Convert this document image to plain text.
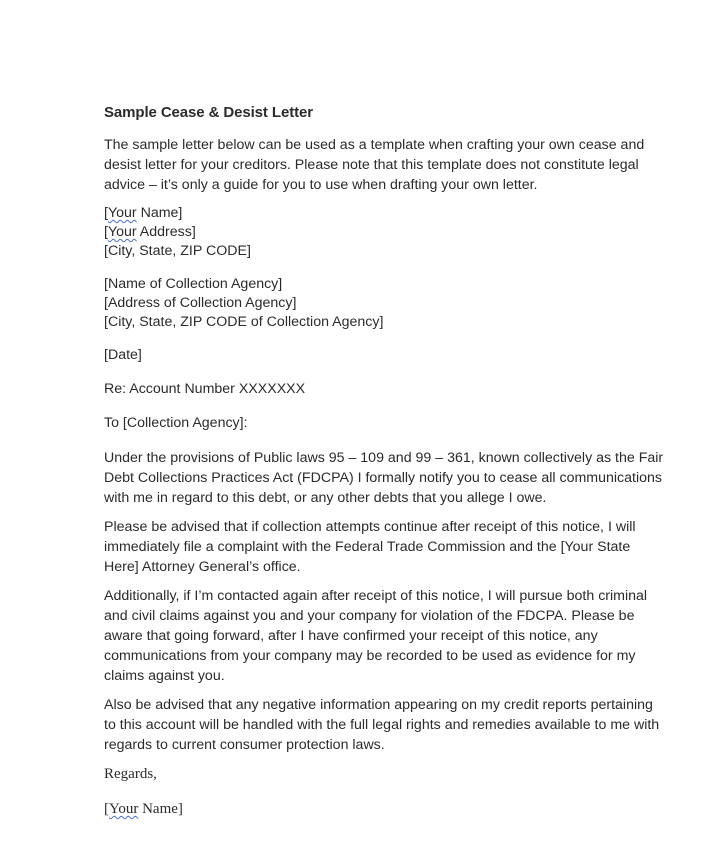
Sample Cease & Desist Letter
The sample letter below can be used as a template when crafting your own cease and desist letter for your creditors. Please note that this template does not constitute legal advice – it’s only a guide for you to use when drafting your own letter.
[Your Name]
[Your Address]
[City, State, ZIP CODE]
[Name of Collection Agency]
[Address of Collection Agency]
[City, State, ZIP CODE of Collection Agency]
[Date]
Re: Account Number XXXXXXX
To [Collection Agency]:
Under the provisions of Public laws 95 – 109 and 99 – 361, known collectively as the Fair Debt Collections Practices Act (FDCPA) I formally notify you to cease all communications with me in regard to this debt, or any other debts that you allege I owe.
Please be advised that if collection attempts continue after receipt of this notice, I will immediately file a complaint with the Federal Trade Commission and the [Your State Here] Attorney General’s office.
Additionally, if I’m contacted again after receipt of this notice, I will pursue both criminal and civil claims against you and your company for violation of the FDCPA. Please be aware that going forward, after I have confirmed your receipt of this notice, any communications from your company may be recorded to be used as evidence for my claims against you.
Also be advised that any negative information appearing on my credit reports pertaining to this account will be handled with the full legal rights and remedies available to me with regards to current consumer protection laws.
Regards,
[Your Name]
